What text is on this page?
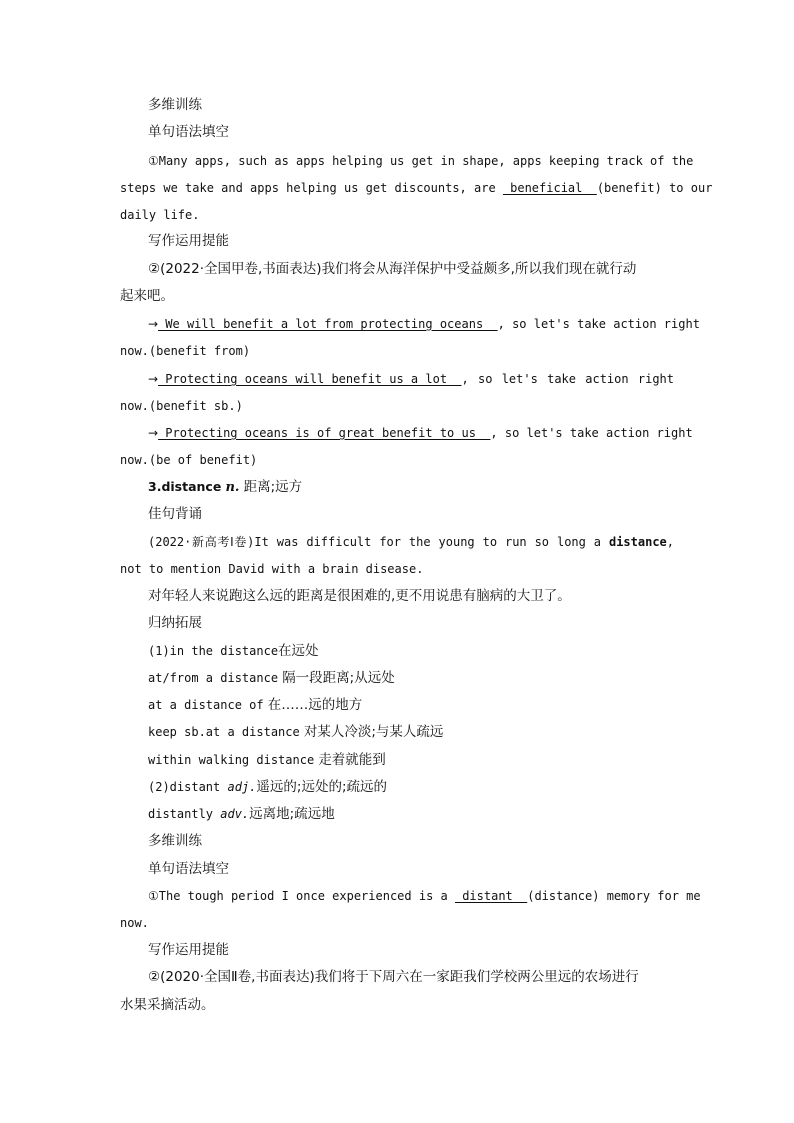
多维训练
单句语法填空
①Many apps, such as apps helping us get in shape, apps keeping track of the
steps we take and apps helping us get discounts, are  beneficial  (benefit) to our
daily life.
写作运用提能
②(2022·全国甲卷,书面表达)我们将会从海洋保护中受益颇多,所以我们现在就行动
起来吧。
→ We will benefit a lot from protecting oceans  , so let's take action right
now.(benefit from)
→ Protecting oceans will benefit us a lot  , so let's take action right
now.(benefit sb.)
→ Protecting oceans is of great benefit to us  , so let's take action right
now.(be of benefit)
3.distance n. 距离;远方
佳句背诵
(2022·新高考Ⅰ卷)It was difficult for the young to run so long a distance,
not to mention David with a brain disease.
对年轻人来说跑这么远的距离是很困难的,更不用说患有脑病的大卫了。
归纳拓展
(1)in the distance在远处
at/from a distance 隔一段距离;从远处
at a distance of 在……远的地方
keep sb.at a distance 对某人冷淡;与某人疏远
within walking distance 走着就能到
(2)distant adj.遥远的;远处的;疏远的
distantly adv.远离地;疏远地
多维训练
单句语法填空
①The tough period I once experienced is a  distant  (distance) memory for me
now.
写作运用提能
②(2020·全国Ⅱ卷,书面表达)我们将于下周六在一家距我们学校两公里远的农场进行
水果采摘活动。
